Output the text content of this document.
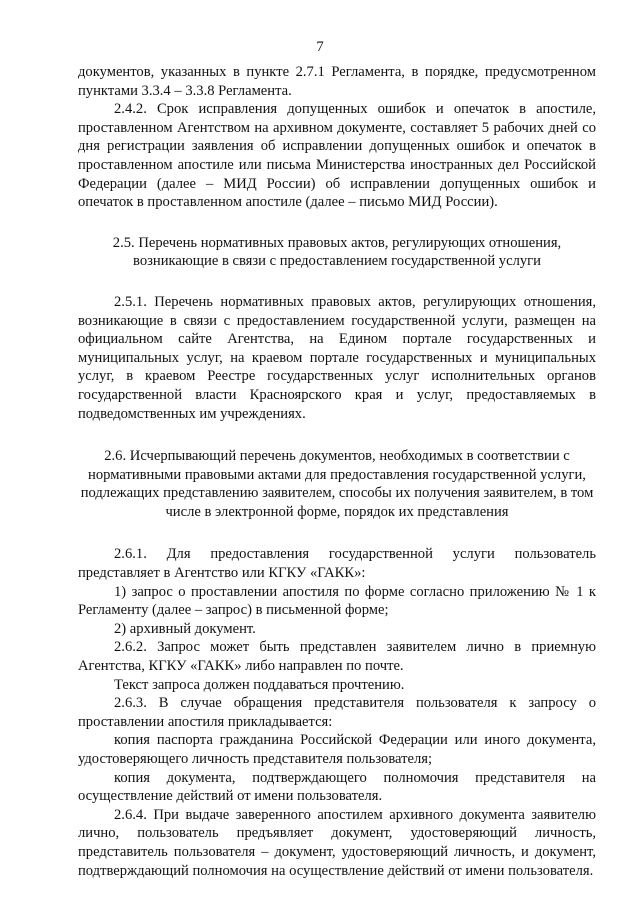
7

документов, указанных в пункте 2.7.1 Регламента, в порядке, предусмотренном пунктами 3.3.4 – 3.3.8 Регламента.

2.4.2. Срок исправления допущенных ошибок и опечаток в апостиле, проставленном Агентством на архивном документе, составляет 5 рабочих дней со дня регистрации заявления об исправлении допущенных ошибок и опечаток в проставленном апостиле или письма Министерства иностранных дел Российской Федерации (далее – МИД России) об исправлении допущенных ошибок и опечаток в проставленном апостиле (далее – письмо МИД России).

2.5. Перечень нормативных правовых актов, регулирующих отношения, возникающие в связи с предоставлением государственной услуги

2.5.1. Перечень нормативных правовых актов, регулирующих отношения, возникающие в связи с предоставлением государственной услуги, размещен на официальном сайте Агентства, на Едином портале государственных и муниципальных услуг, на краевом портале государственных и муниципальных услуг, в краевом Реестре государственных услуг исполнительных органов государственной власти Красноярского края и услуг, предоставляемых в подведомственных им учреждениях.

2.6. Исчерпывающий перечень документов, необходимых в соответствии с нормативными правовыми актами для предоставления государственной услуги, подлежащих представлению заявителем, способы их получения заявителем, в том числе в электронной форме, порядок их представления

2.6.1. Для предоставления государственной услуги пользователь представляет в Агентство или КГКУ «ГАКК»:

1) запрос о проставлении апостиля по форме согласно приложению № 1 к Регламенту (далее – запрос) в письменной форме;

2) архивный документ.

2.6.2. Запрос может быть представлен заявителем лично в приемную Агентства, КГКУ «ГАКК» либо направлен по почте.

Текст запроса должен поддаваться прочтению.

2.6.3. В случае обращения представителя пользователя к запросу о проставлении апостиля прикладывается:

копия паспорта гражданина Российской Федерации или иного документа, удостоверяющего личность представителя пользователя;

копия документа, подтверждающего полномочия представителя на осуществление действий от имени пользователя.

2.6.4. При выдаче заверенного апостилем архивного документа заявителю лично, пользователь предъявляет документ, удостоверяющий личность, представитель пользователя – документ, удостоверяющий личность, и документ, подтверждающий полномочия на осуществление действий от имени пользователя.
